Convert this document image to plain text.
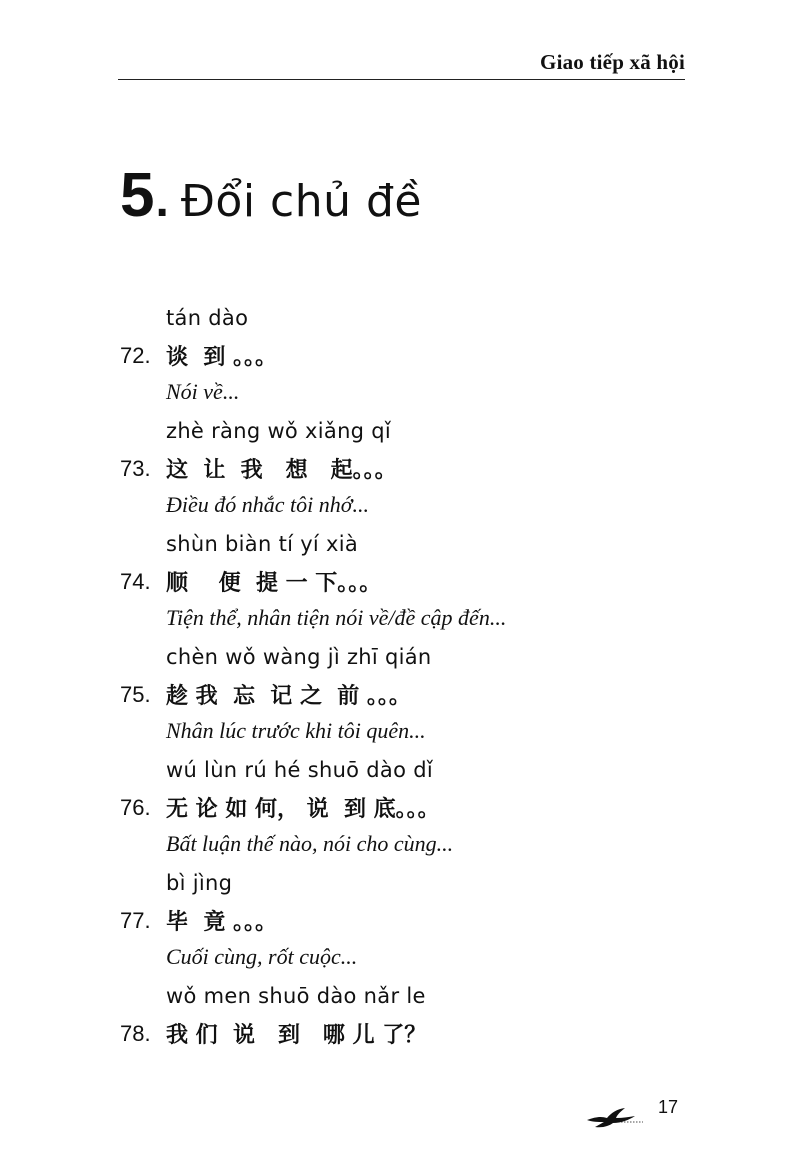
Giao tiếp xã hội
5 . Đổi chủ đề
tán dào
72. 谈  到 。。。
Nói về...
zhè ràng wǒ xiǎng qǐ
73. 这  让  我   想   起。。。
Điều đó nhắc tôi nhớ...
shùn biàn tí yí xià
74. 顺    便  提 一 下。。。
Tiện thể, nhân tiện nói về/đề cập đến...
chèn wǒ wàng jì zhī qián
75. 趁 我  忘  记 之  前 。。。
Nhân lúc trước khi tôi quên...
wú lùn rú hé shuō dào dǐ
76. 无 论 如 何， 说  到 底。。。
Bất luận thế nào, nói cho cùng...
bì jìng
77. 毕  竟 。。。
Cuối cùng, rốt cuộc...
wǒ men shuō dào nǎr le
78. 我 们  说   到   哪 儿 了？
17
